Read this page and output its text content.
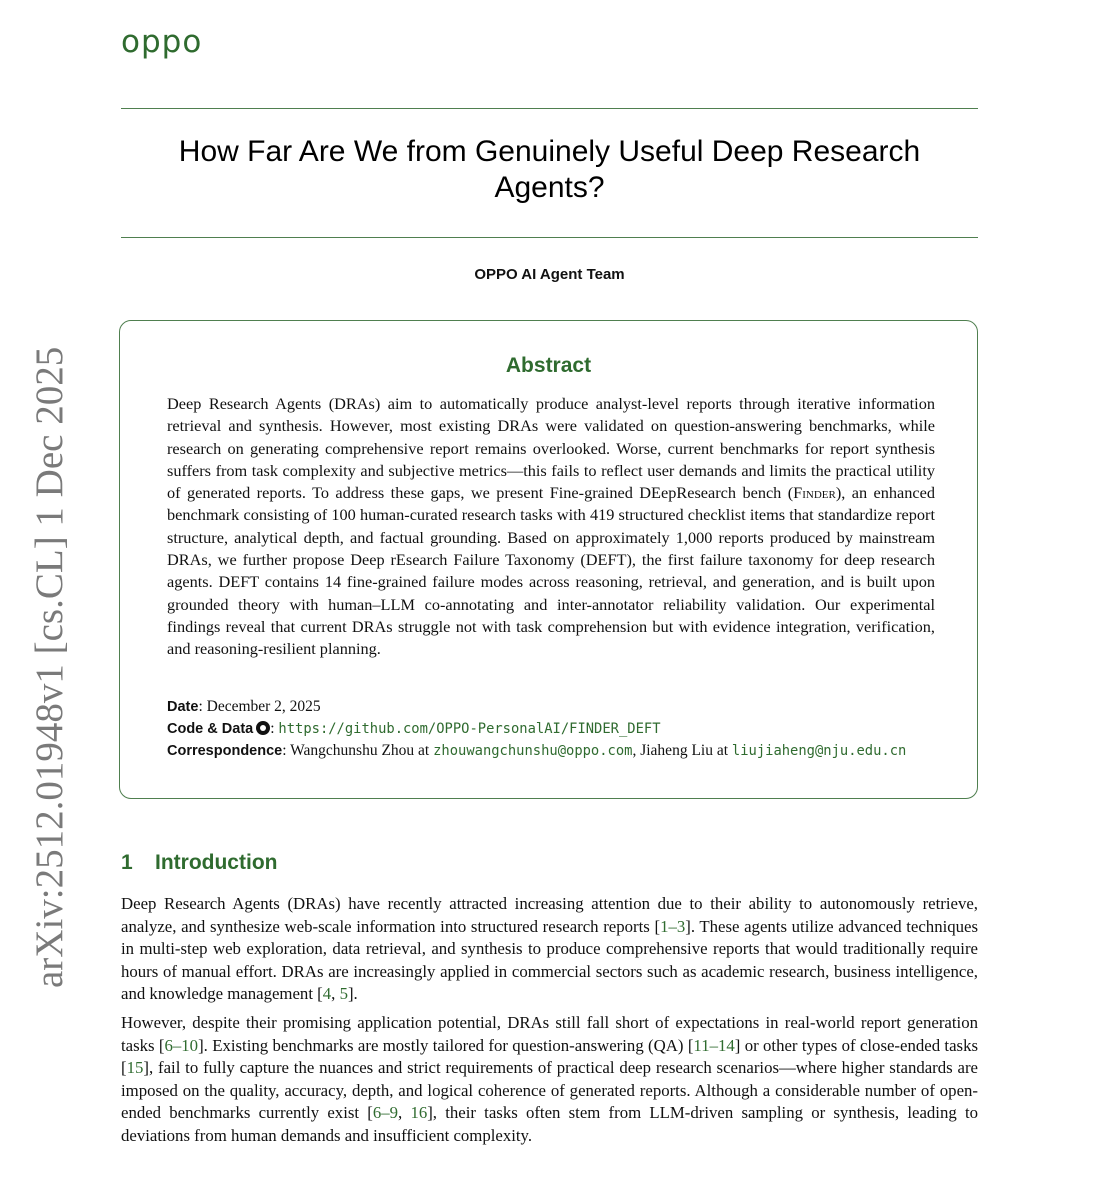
oppo
arXiv:2512.01948v1 [cs.CL] 1 Dec 2025
How Far Are We from Genuinely Useful Deep Research Agents?
OPPO AI Agent Team
Abstract
Deep Research Agents (DRAs) aim to automatically produce analyst-level reports through iterative information retrieval and synthesis. However, most existing DRAs were validated on question-answering benchmarks, while research on generating comprehensive report remains overlooked. Worse, current benchmarks for report synthesis suffers from task complexity and subjective metrics—this fails to reflect user demands and limits the practical utility of generated reports. To address these gaps, we present Fine-grained DEepResearch bench (Finder), an enhanced benchmark consisting of 100 human-curated research tasks with 419 structured checklist items that standardize report structure, analytical depth, and factual grounding. Based on approximately 1,000 reports produced by mainstream DRAs, we further propose Deep rEsearch Failure Taxonomy (DEFT), the first failure taxonomy for deep research agents. DEFT contains 14 fine-grained failure modes across reasoning, retrieval, and generation, and is built upon grounded theory with human–LLM co-annotating and inter-annotator reliability validation. Our experimental findings reveal that current DRAs struggle not with task comprehension but with evidence integration, verification, and reasoning-resilient planning.
Date: December 2, 2025
Code & Data : https://github.com/OPPO-PersonalAI/FINDER_DEFT
Correspondence: Wangchunshu Zhou at zhouwangchunshu@oppo.com, Jiaheng Liu at liujiaheng@nju.edu.cn
1 Introduction

Deep Research Agents (DRAs) have recently attracted increasing attention due to their ability to autonomously retrieve, analyze, and synthesize web-scale information into structured research reports [1–3]. These agents utilize advanced techniques in multi-step web exploration, data retrieval, and synthesis to produce comprehensive reports that would traditionally require hours of manual effort. DRAs are increasingly applied in commercial sectors such as academic research, business intelligence, and knowledge management [4, 5].

However, despite their promising application potential, DRAs still fall short of expectations in real-world report generation tasks [6–10]. Existing benchmarks are mostly tailored for question-answering (QA) [11–14] or other types of close-ended tasks [15], fail to fully capture the nuances and strict requirements of practical deep research scenarios—where higher standards are imposed on the quality, accuracy, depth, and logical coherence of generated reports. Although a considerable number of open-ended benchmarks currently exist [6–9, 16], their tasks often stem from LLM-driven sampling or synthesis, leading to deviations from human demands and insufficient complexity.
